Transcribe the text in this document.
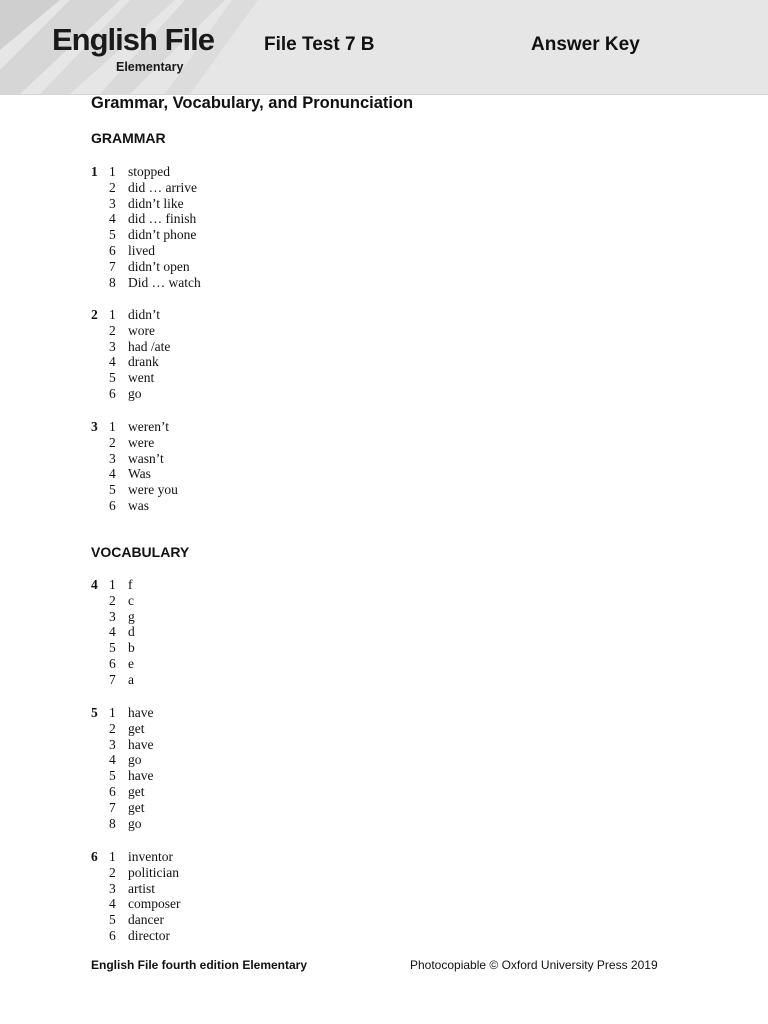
English File
Elementary
File Test 7 B	Answer Key
Grammar, Vocabulary, and Pronunciation
GRAMMAR
1 1 stopped
2 did … arrive
3 didn’t like
4 did … finish
5 didn’t phone
6 lived
7 didn’t open
8 Did … watch
2 1 didn’t
2 wore
3 had /ate
4 drank
5 went
6 go
3 1 weren’t
2 were
3 wasn’t
4 Was
5 were you
6 was
VOCABULARY
4 1 f
2 c
3 g
4 d
5 b
6 e
7 a
5 1 have
2 get
3 have
4 go
5 have
6 get
7 get
8 go
6 1 inventor
2 politician
3 artist
4 composer
5 dancer
6 director
English File fourth edition Elementary	Photocopiable © Oxford University Press 2019
